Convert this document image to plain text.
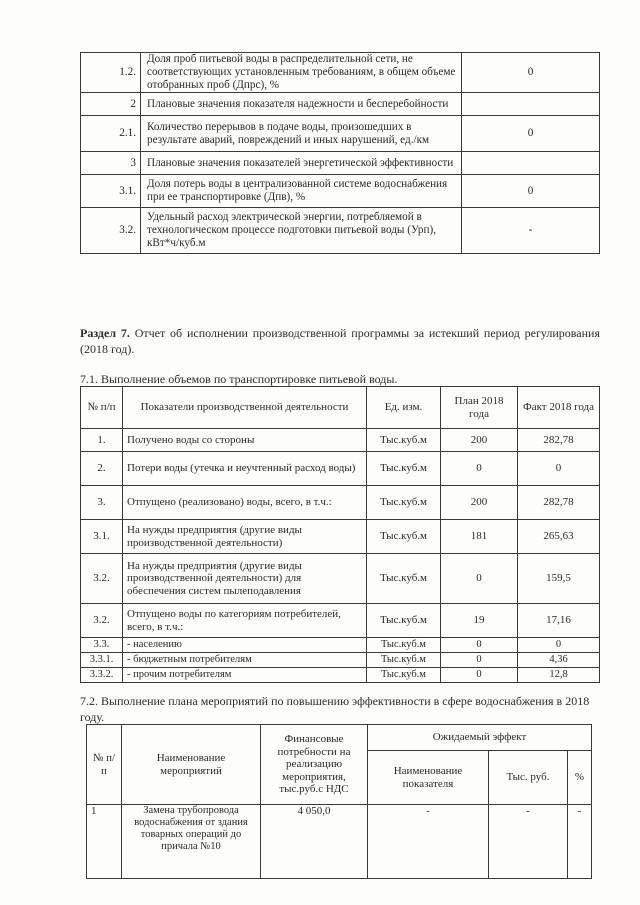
1.2.	Доля проб питьевой воды в распределительной сети, не соответствующих установленным требованиям, в общем объеме отобранных проб (Дпрс), %	0
2	Плановые значения показателя надежности и бесперебойности	
2.1.	Количество перерывов в подаче воды, произошедших в результате аварий, повреждений и иных нарушений, ед./км	0
3	Плановые значения показателей энергетической эффективности	
3.1.	Доля потерь воды в централизованной системе водоснабжения при ее транспортировке (Дпв), %	0
3.2.	Удельный расход электрической энергии, потребляемой в технологическом процессе подготовки питьевой воды (Урп), кВт*ч/куб.м	-

Раздел 7. Отчет об исполнении производственной программы за истекший период регулирования (2018 год).

7.1. Выполнение объемов по транспортировке питьевой воды.

№ п/п	Показатели производственной деятельности	Ед. изм.	План 2018 года	Факт 2018 года
1.	Получено воды со стороны	Тыс.куб.м	200	282,78
2.	Потери воды (утечка и неучтенный расход воды)	Тыс.куб.м	0	0
3.	Отпущено (реализовано) воды, всего, в т.ч.:	Тыс.куб.м	200	282,78
3.1.	На нужды предприятия (другие виды производственной деятельности)	Тыс.куб.м	181	265,63
3.2.	На нужды предприятия (другие виды производственной деятельности) для обеспечения систем пылеподавления	Тыс.куб.м	0	159,5
3.2.	Отпущено воды по категориям потребителей, всего, в т.ч.:	Тыс.куб.м	19	17,16
3.3.	- населению	Тыс.куб.м	0	0
3.3.1.	- бюджетным потребителям	Тыс.куб.м	0	4,36
3.3.2.	- прочим потребителям	Тыс.куб.м	0	12,8

7.2. Выполнение плана мероприятий по повышению эффективности в сфере водоснабжения в 2018 году.

№ п/п	Наименование мероприятий	Финансовые потребности на реализацию мероприятия, тыс.руб.с НДС	Ожидаемый эффект		
			Наименование показателя	Тыс. руб.	%
1	Замена трубопровода водоснабжения от здания товарных операций до причала №10	4 050,0	-	-	-
